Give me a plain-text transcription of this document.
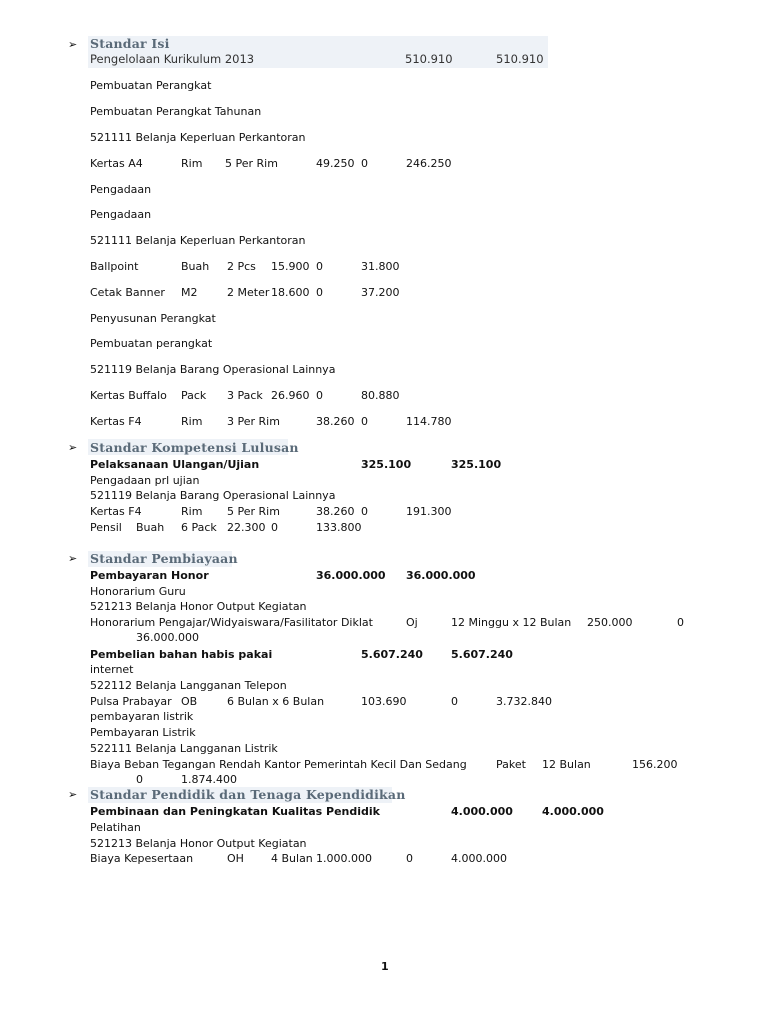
➢ Standar Isi
Pengelolaan Kurikulum 2013	510.910	510.910
Pembuatan Perangkat
Pembuatan Perangkat Tahunan
521111 Belanja Keperluan Perkantoran
Kertas A4	Rim 5 Per Rim	49.250 0	246.250
Pengadaan
Pengadaan
521111 Belanja Keperluan Perkantoran
Ballpoint	Buah 2 Pcs 15.900 0	31.800
Cetak Banner M2	2 Meter 18.600 0	37.200
Penyusunan Perangkat
Pembuatan perangkat
521119 Belanja Barang Operasional Lainnya
Kertas Buffalo Pack 3 Pack 26.960 0	80.880
Kertas F4	Rim 3 Per Rim	38.260 0	114.780
➢ Standar Kompetensi Lulusan
Pelaksanaan Ulangan/Ujian	325.100	325.100
Pengadaan prl ujian
521119 Belanja Barang Operasional Lainnya
Kertas F4	Rim 5 Per Rim	38.260 0	191.300
Pensil Buah 6 Pack 22.300 0	133.800
➢ Standar Pembiayaan
Pembayaran Honor	36.000.000 36.000.000
Honorarium Guru
521213 Belanja Honor Output Kegiatan
Honorarium Pengajar/Widyaiswara/Fasilitator Diklat	Oj	12 Minggu x 12 Bulan 250.000	0
36.000.000
Pembelian bahan habis pakai	5.607.240	5.607.240
internet
522112 Belanja Langganan Telepon
Pulsa Prabayar OB	6 Bulan x 6 Bulan	103.690	0	3.732.840
pembayaran listrik
Pembayaran Listrik
522111 Belanja Langganan Listrik
Biaya Beban Tegangan Rendah Kantor Pemerintah Kecil Dan Sedang	Paket 12 Bulan	156.200
0	1.874.400
➢ Standar Pendidik dan Tenaga Kependidikan
Pembinaan dan Peningkatan Kualitas Pendidik	4.000.000	4.000.000
Pelatihan
521213 Belanja Honor Output Kegiatan
Biaya Kepesertaan	OH 4 Bulan 1.000.000	0	4.000.000
1
